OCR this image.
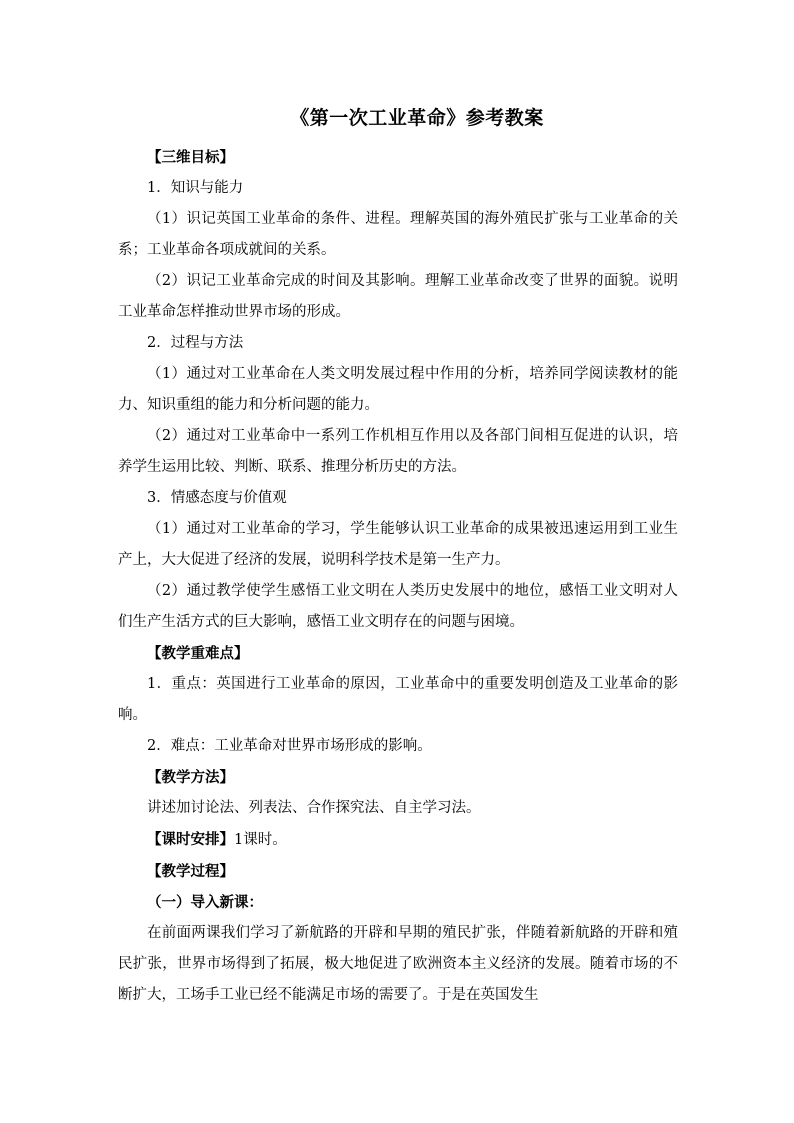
《第一次工业革命》参考教案

【三维目标】

1．知识与能力

（1）识记英国工业革命的条件、进程。理解英国的海外殖民扩张与工业革命的关系；工业革命各项成就间的关系。

（2）识记工业革命完成的时间及其影响。理解工业革命改变了世界的面貌。说明工业革命怎样推动世界市场的形成。

2．过程与方法

（1）通过对工业革命在人类文明发展过程中作用的分析，培养同学阅读教材的能力、知识重组的能力和分析问题的能力。

（2）通过对工业革命中一系列工作机相互作用以及各部门间相互促进的认识，培养学生运用比较、判断、联系、推理分析历史的方法。

3．情感态度与价值观

（1）通过对工业革命的学习，学生能够认识工业革命的成果被迅速运用到工业生产上，大大促进了经济的发展，说明科学技术是第一生产力。

（2）通过教学使学生感悟工业文明在人类历史发展中的地位，感悟工业文明对人们生产生活方式的巨大影响，感悟工业文明存在的问题与困境。

【教学重难点】

1．重点：英国进行工业革命的原因，工业革命中的重要发明创造及工业革命的影响。

2．难点：工业革命对世界市场形成的影响。

【教学方法】

讲述加讨论法、列表法、合作探究法、自主学习法。

【课时安排】1课时。

【教学过程】

（一）导入新课：

在前面两课我们学习了新航路的开辟和早期的殖民扩张，伴随着新航路的开辟和殖民扩张，世界市场得到了拓展，极大地促进了欧洲资本主义经济的发展。随着市场的不断扩大，工场手工业已经不能满足市场的需要了。于是在英国发生
